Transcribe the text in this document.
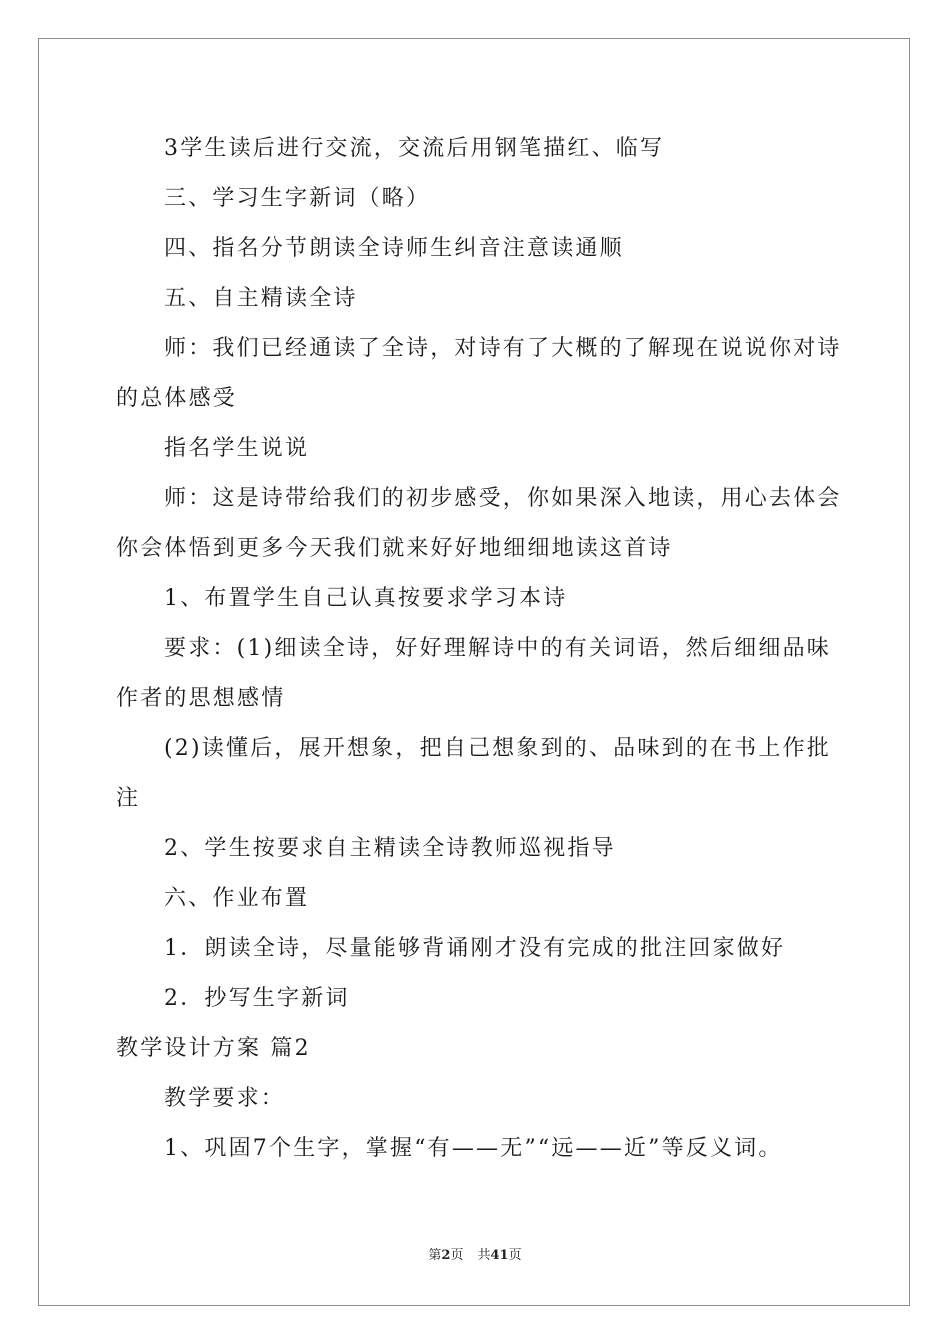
3学生读后进行交流，交流后用钢笔描红、临写
三、学习生字新词（略）
四、指名分节朗读全诗师生纠音注意读通顺
五、自主精读全诗
师：我们已经通读了全诗，对诗有了大概的了解现在说说你对诗
的总体感受
指名学生说说
师：这是诗带给我们的初步感受，你如果深入地读，用心去体会
你会体悟到更多今天我们就来好好地细细地读这首诗
1、布置学生自己认真按要求学习本诗
要求：(1)细读全诗，好好理解诗中的有关词语，然后细细品味
作者的思想感情
(2)读懂后，展开想象，把自己想象到的、品味到的在书上作批
注
2、学生按要求自主精读全诗教师巡视指导
六、作业布置
1．朗读全诗，尽量能够背诵刚才没有完成的批注回家做好
2．抄写生字新词
教学设计方案 篇2
教学要求：
1、巩固7个生字，掌握“有——无”“远——近”等反义词。
第2页 共41页
